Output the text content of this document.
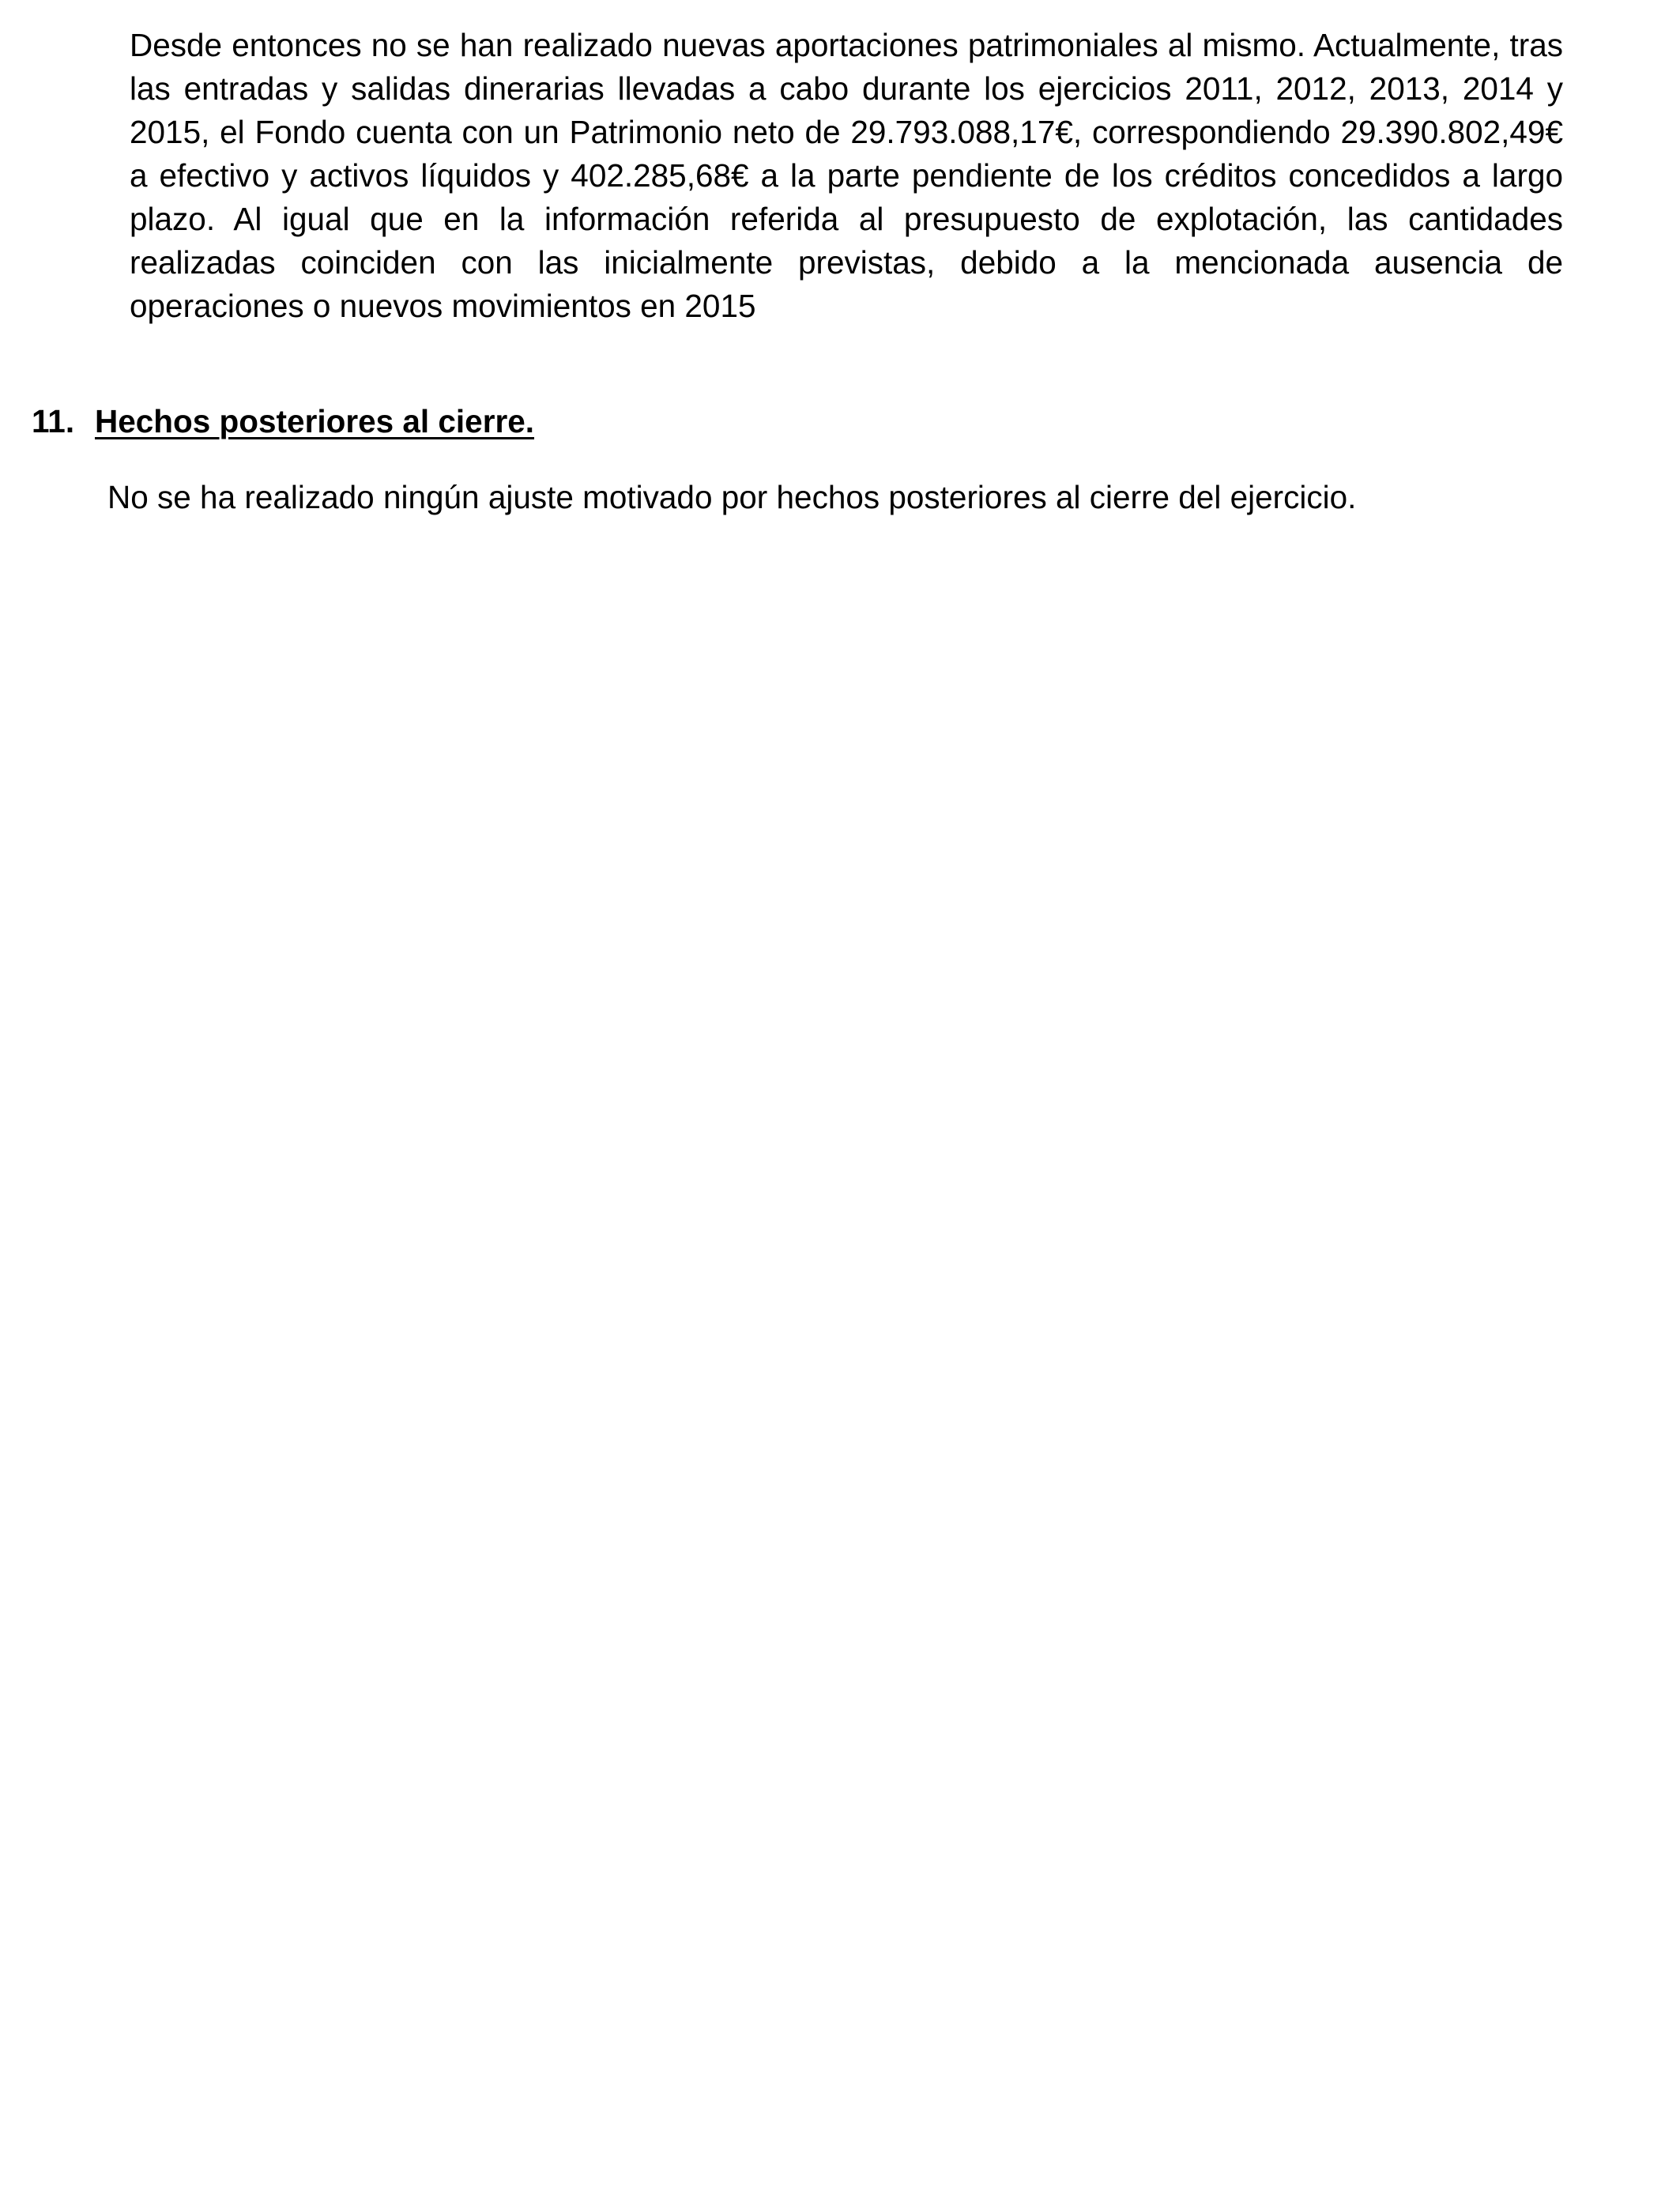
Desde entonces no se han realizado nuevas aportaciones patrimoniales al mismo. Actualmente, tras las entradas y salidas dinerarias llevadas a cabo durante los ejercicios 2011, 2012, 2013, 2014 y 2015, el Fondo cuenta con un Patrimonio neto de 29.793.088,17€, correspondiendo 29.390.802,49€ a efectivo y activos líquidos y 402.285,68€ a la parte pendiente de los créditos concedidos a largo plazo. Al igual que en la información referida al presupuesto de explotación, las cantidades realizadas coinciden con las inicialmente previstas, debido a la mencionada ausencia de operaciones o nuevos movimientos en 2015

11. Hechos posteriores al cierre.

No se ha realizado ningún ajuste motivado por hechos posteriores al cierre del ejercicio.
